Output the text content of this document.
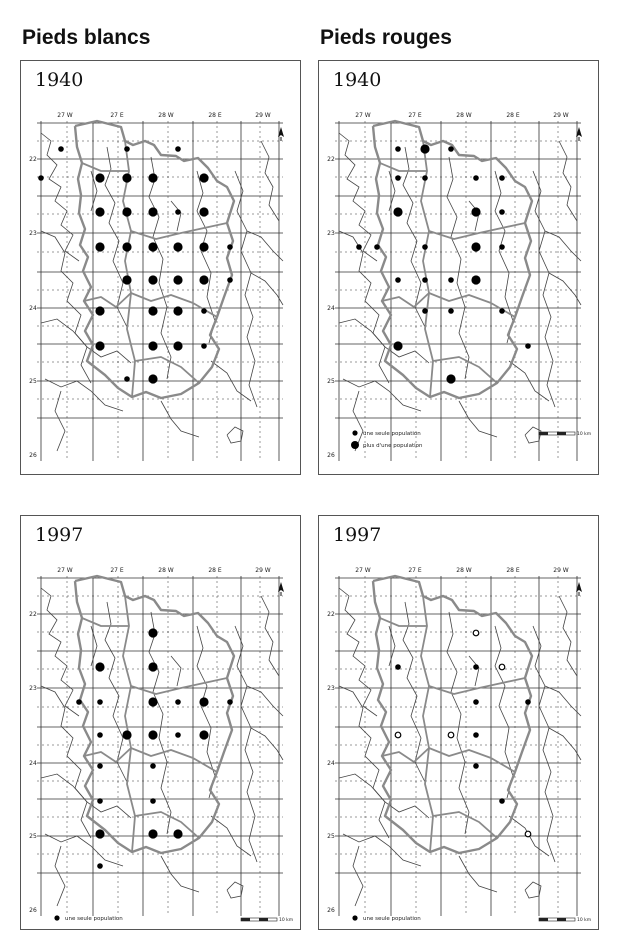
Pieds blancs	Pieds rouges
27 W	27 E	28 W	28 E	29 W
22
23
24
25
26
1940
27 W	27 E	28 W	28 E	29 W
22
23
24
25
26
une seule population
plus d'une population
10 km
1940
27 W	27 E	28 W	28 E	29 W
22
23
24
25
26
une seule population	10 km
1997
27 W	27 E	28 W	28 E	29 W
22
23
24
25
26
une seule population	10 km
1997
